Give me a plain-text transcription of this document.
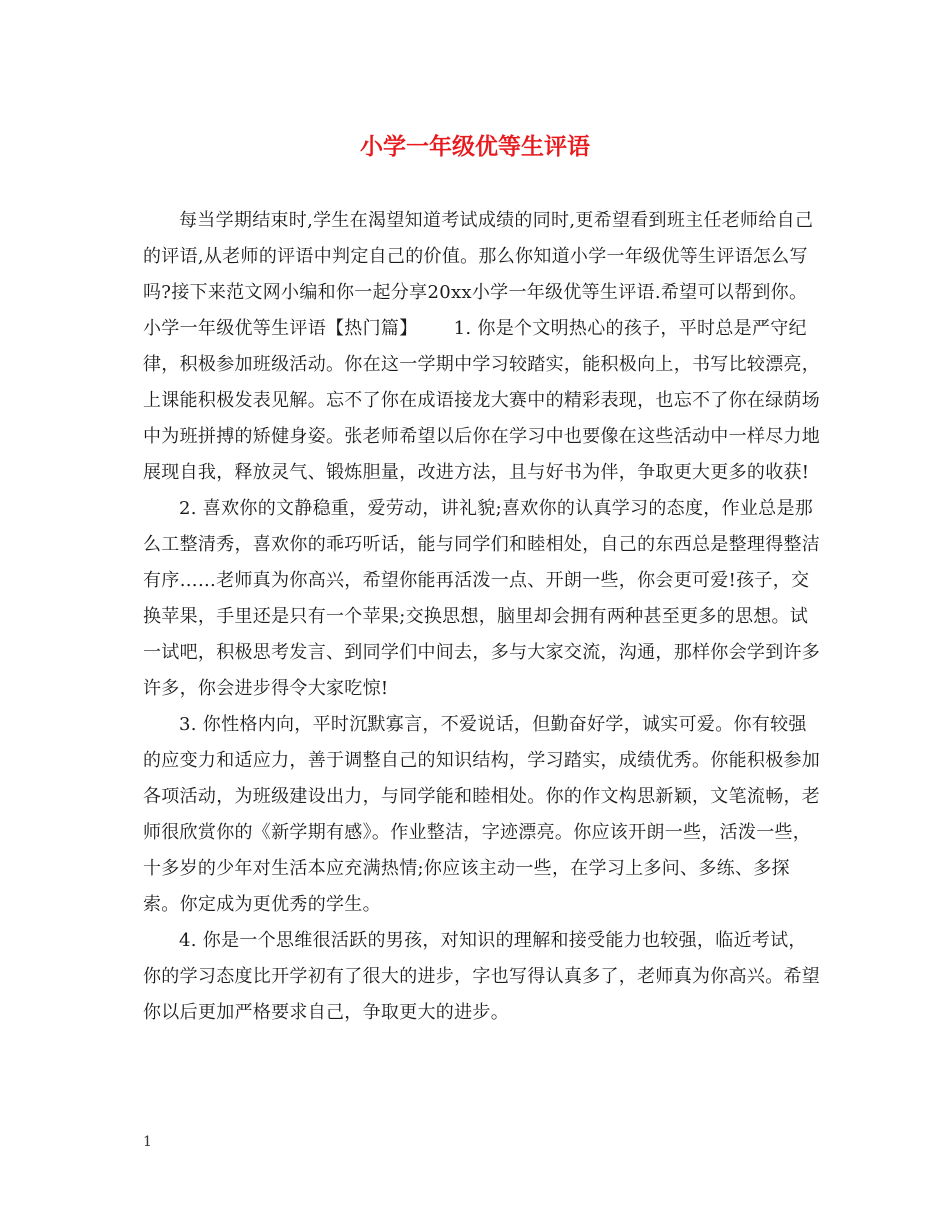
小学一年级优等生评语

每当学期结束时,学生在渴望知道考试成绩的同时,更希望看到班主任老师给自己的评语,从老师的评语中判定自己的价值。那么你知道小学一年级优等生评语怎么写吗?接下来范文网小编和你一起分享20xx小学一年级优等生评语.希望可以帮到你。

小学一年级优等生评语【热门篇】 1. 你是个文明热心的孩子，平时总是严守纪律，积极参加班级活动。你在这一学期中学习较踏实，能积极向上，书写比较漂亮，上课能积极发表见解。忘不了你在成语接龙大赛中的精彩表现，也忘不了你在绿荫场中为班拼搏的矫健身姿。张老师希望以后你在学习中也要像在这些活动中一样尽力地展现自我，释放灵气、锻炼胆量，改进方法，且与好书为伴，争取更大更多的收获!

2. 喜欢你的文静稳重，爱劳动，讲礼貌;喜欢你的认真学习的态度，作业总是那么工整清秀，喜欢你的乖巧听话，能与同学们和睦相处，自己的东西总是整理得整洁有序……老师真为你高兴，希望你能再活泼一点、开朗一些，你会更可爱!孩子，交换苹果，手里还是只有一个苹果;交换思想，脑里却会拥有两种甚至更多的思想。试一试吧，积极思考发言、到同学们中间去，多与大家交流，沟通，那样你会学到许多许多，你会进步得令大家吃惊!

3. 你性格内向，平时沉默寡言，不爱说话，但勤奋好学，诚实可爱。你有较强的应变力和适应力，善于调整自己的知识结构，学习踏实，成绩优秀。你能积极参加各项活动，为班级建设出力，与同学能和睦相处。你的作文构思新颖，文笔流畅，老师很欣赏你的《新学期有感》。作业整洁，字迹漂亮。你应该开朗一些，活泼一些，十多岁的少年对生活本应充满热情;你应该主动一些，在学习上多问、多练、多探索。你定成为更优秀的学生。

4. 你是一个思维很活跃的男孩，对知识的理解和接受能力也较强，临近考试，你的学习态度比开学初有了很大的进步，字也写得认真多了，老师真为你高兴。希望你以后更加严格要求自己，争取更大的进步。

1
